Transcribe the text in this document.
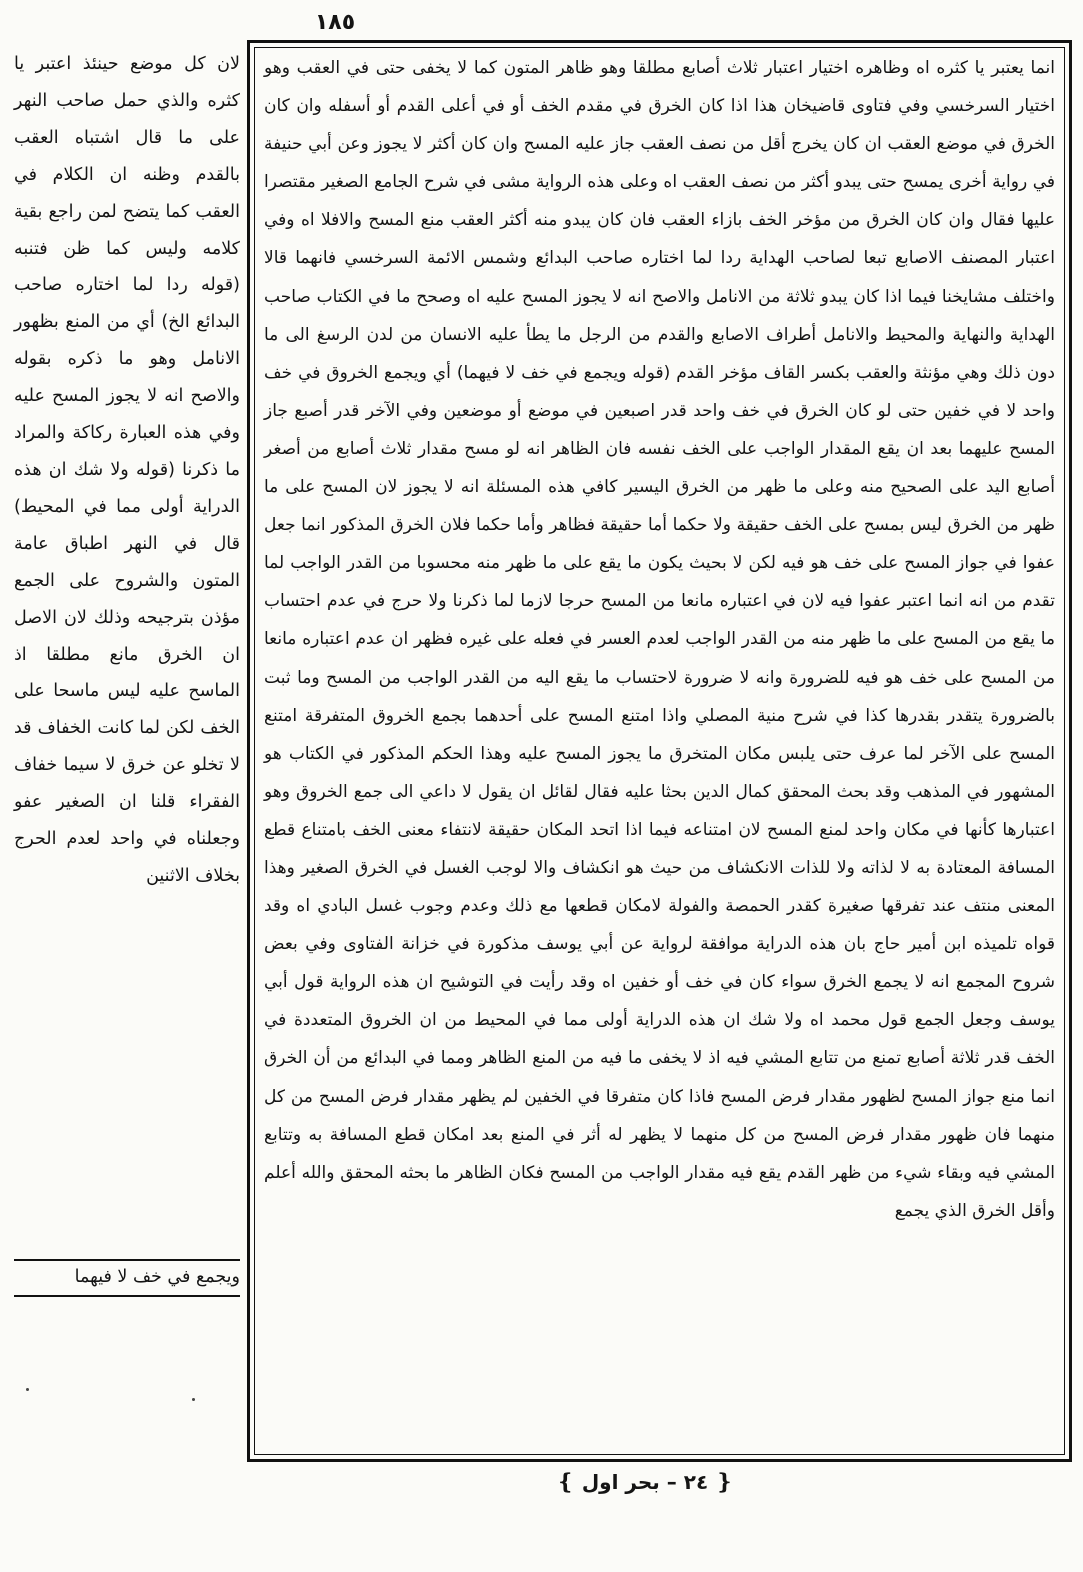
١٨٥

انما يعتبر يا كثره اه وظاهره اختيار اعتبار ثلاث أصابع مطلقا وهو ظاهر المتون كما لا يخفى حتى في العقب وهو اختيار السرخسي وفي فتاوى قاضيخان هذا اذا كان الخرق في مقدم الخف أو في أعلى القدم أو أسفله وان كان الخرق في موضع العقب ان كان يخرج أقل من نصف العقب جاز عليه المسح وان كان أكثر لا يجوز وعن أبي حنيفة في رواية أخرى يمسح حتى يبدو أكثر من نصف العقب اه وعلى هذه الرواية مشى في شرح الجامع الصغير مقتصرا عليها فقال وان كان الخرق من مؤخر الخف بازاء العقب فان كان يبدو منه أكثر العقب منع المسح والافلا اه وفي اعتبار المصنف الاصابع تبعا لصاحب الهداية ردا لما اختاره صاحب البدائع وشمس الائمة السرخسي فانهما قالا واختلف مشايخنا فيما اذا كان يبدو ثلاثة من الانامل والاصح انه لا يجوز المسح عليه اه وصحح ما في الكتاب صاحب الهداية والنهاية والمحيط والانامل أطراف الاصابع والقدم من الرجل ما يطأ عليه الانسان من لدن الرسغ الى ما دون ذلك وهي مؤنثة والعقب بكسر القاف مؤخر القدم (قوله ويجمع في خف لا فيهما) أي ويجمع الخروق في خف واحد لا في خفين حتى لو كان الخرق في خف واحد قدر اصبعين في موضع أو موضعين وفي الآخر قدر أصبع جاز المسح عليهما بعد ان يقع المقدار الواجب على الخف نفسه فان الظاهر انه لو مسح مقدار ثلاث أصابع من أصغر أصابع اليد على الصحيح منه وعلى ما ظهر من الخرق اليسير كافي هذه المسئلة انه لا يجوز لان المسح على ما ظهر من الخرق ليس بمسح على الخف حقيقة ولا حكما أما حقيقة فظاهر وأما حكما فلان الخرق المذكور انما جعل عفوا في جواز المسح على خف هو فيه لكن لا بحيث يكون ما يقع على ما ظهر منه محسوبا من القدر الواجب لما تقدم من انه انما اعتبر عفوا فيه لان في اعتباره مانعا من المسح حرجا لازما لما ذكرنا ولا حرج في عدم احتساب ما يقع من المسح على ما ظهر منه من القدر الواجب لعدم العسر في فعله على غيره فظهر ان عدم اعتباره مانعا من المسح على خف هو فيه للضرورة وانه لا ضرورة لاحتساب ما يقع اليه من القدر الواجب من المسح وما ثبت بالضرورة يتقدر بقدرها كذا في شرح منية المصلي واذا امتنع المسح على أحدهما بجمع الخروق المتفرقة امتنع المسح على الآخر لما عرف حتى يلبس مكان المتخرق ما يجوز المسح عليه وهذا الحكم المذكور في الكتاب هو المشهور في المذهب وقد بحث المحقق كمال الدين بحثا عليه فقال لقائل ان يقول لا داعي الى جمع الخروق وهو اعتبارها كأنها في مكان واحد لمنع المسح لان امتناعه فيما اذا اتحد المكان حقيقة لانتفاء معنى الخف بامتناع قطع المسافة المعتادة به لا لذاته ولا للذات الانكشاف من حيث هو انكشاف والا لوجب الغسل في الخرق الصغير وهذا المعنى منتف عند تفرقها صغيرة كقدر الحمصة والفولة لامكان قطعها مع ذلك وعدم وجوب غسل البادي اه وقد قواه تلميذه ابن أمير حاج بان هذه الدراية موافقة لرواية عن أبي يوسف مذكورة في خزانة الفتاوى وفي بعض شروح المجمع انه لا يجمع الخرق سواء كان في خف أو خفين اه وقد رأيت في التوشيح ان هذه الرواية قول أبي يوسف وجعل الجمع قول محمد اه ولا شك ان هذه الدراية أولى مما في المحيط من ان الخروق المتعددة في الخف قدر ثلاثة أصابع تمنع من تتابع المشي فيه اذ لا يخفى ما فيه من المنع الظاهر ومما في البدائع من أن الخرق انما منع جواز المسح لظهور مقدار فرض المسح فاذا كان متفرقا في الخفين لم يظهر مقدار فرض المسح من كل منهما فان ظهور مقدار فرض المسح من كل منهما لا يظهر له أثر في المنع بعد امكان قطع المسافة به وتتابع المشي فيه وبقاء شيء من ظهر القدم يقع فيه مقدار الواجب من المسح فكان الظاهر ما بحثه المحقق والله أعلم وأقل الخرق الذي يجمع

لان كل موضع حينئذ اعتبر يا كثره والذي حمل صاحب النهر على ما قال اشتباه العقب بالقدم وظنه ان الكلام في العقب كما يتضح لمن راجع بقية كلامه وليس كما ظن فتنبه (قوله ردا لما اختاره صاحب البدائع الخ) أي من المنع بظهور الانامل وهو ما ذكره بقوله والاصح انه لا يجوز المسح عليه وفي هذه العبارة ركاكة والمراد ما ذكرنا (قوله ولا شك ان هذه الدراية أولى مما في المحيط) قال في النهر اطباق عامة المتون والشروح على الجمع مؤذن بترجيحه وذلك لان الاصل ان الخرق مانع مطلقا اذ الماسح عليه ليس ماسحا على الخف لكن لما كانت الخفاف قد لا تخلو عن خرق لا سيما خفاف الفقراء قلنا ان الصغير عفو وجعلناه في واحد لعدم الحرج بخلاف الاثنين

ويجمع في خف لا فيهما
❴ ٢٤ – بحر اول ❵
